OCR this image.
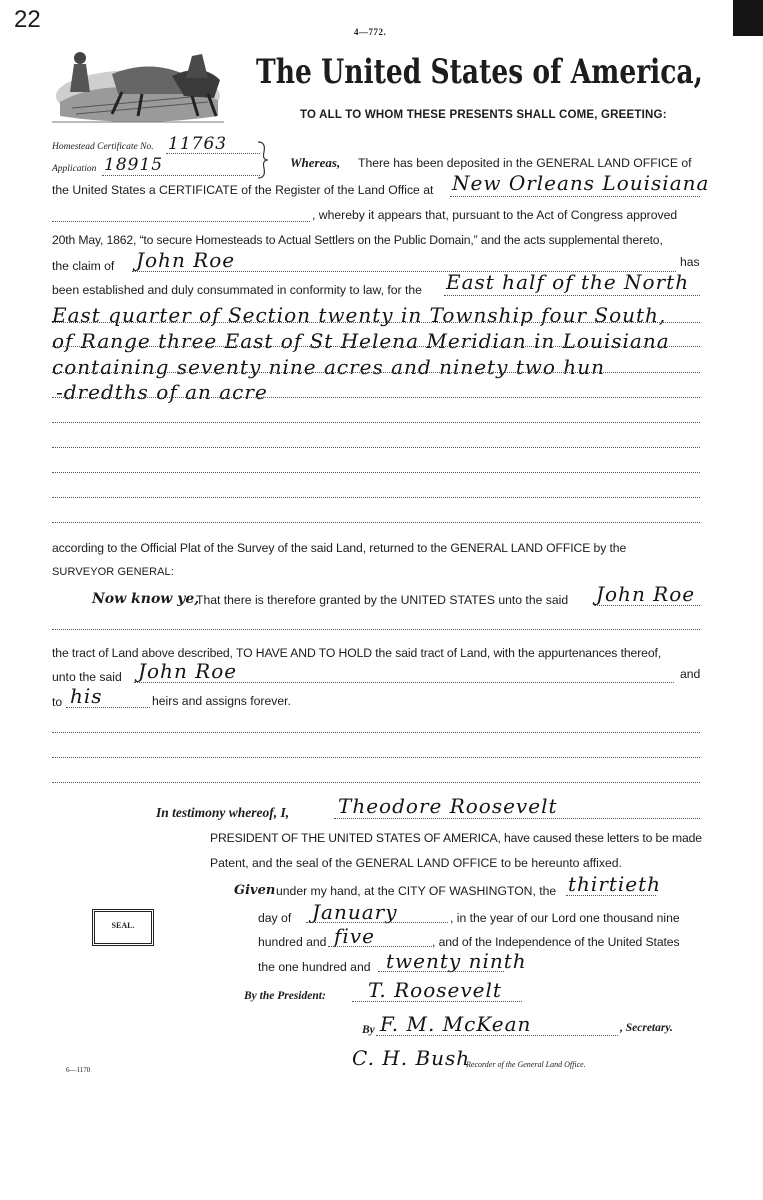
22	4—772.
The United States of America,
TO ALL TO WHOM THESE PRESENTS SHALL COME, GREETING:
Homestead Certificate No. 11763
Application 18915	Whereas, There has been deposited in the GENERAL LAND OFFICE of
the United States a CERTIFICATE of the Register of the Land Office at New Orleans Louisiana
, whereby it appears that, pursuant to the Act of Congress approved
20th May, 1862, “to secure Homesteads to Actual Settlers on the Public Domain,” and the acts supplemental thereto,
the claim of John Roe	has
been established and duly consummated in conformity to law, for the East half of the North
East quarter of Section twenty in Township four South,
of Range three East of St Helena Meridian in Louisiana
containing seventy nine acres and ninety two hun
-dredths of an acre
according to the Official Plat of the Survey of the said Land, returned to the GENERAL LAND OFFICE by the
SURVEYOR GENERAL:
Now know ye,
That there is therefore granted by the UNITED STATES unto the said John Roe
the tract of Land above described, TO HAVE AND TO HOLD the said tract of Land, with the appurtenances thereof,
unto the said John Roe	and
to his	heirs and assigns forever.
In testimony whereof, I, Theodore Roosevelt
PRESIDENT OF THE UNITED STATES OF AMERICA, have caused these letters to be made
Patent, and the seal of the GENERAL LAND OFFICE to be hereunto affixed.
Given under my hand, at the CITY OF WASHINGTON, the thirtieth
day of January	, in the year of our Lord one thousand nine
hundred and five	, and of the Independence of the United States
the one hundred and twenty ninth
By the President: T. Roosevelt
By F. M. McKean	, Secretary.
C. H. Bush
Recorder of the General Land Office.
SEAL.
6—1170
